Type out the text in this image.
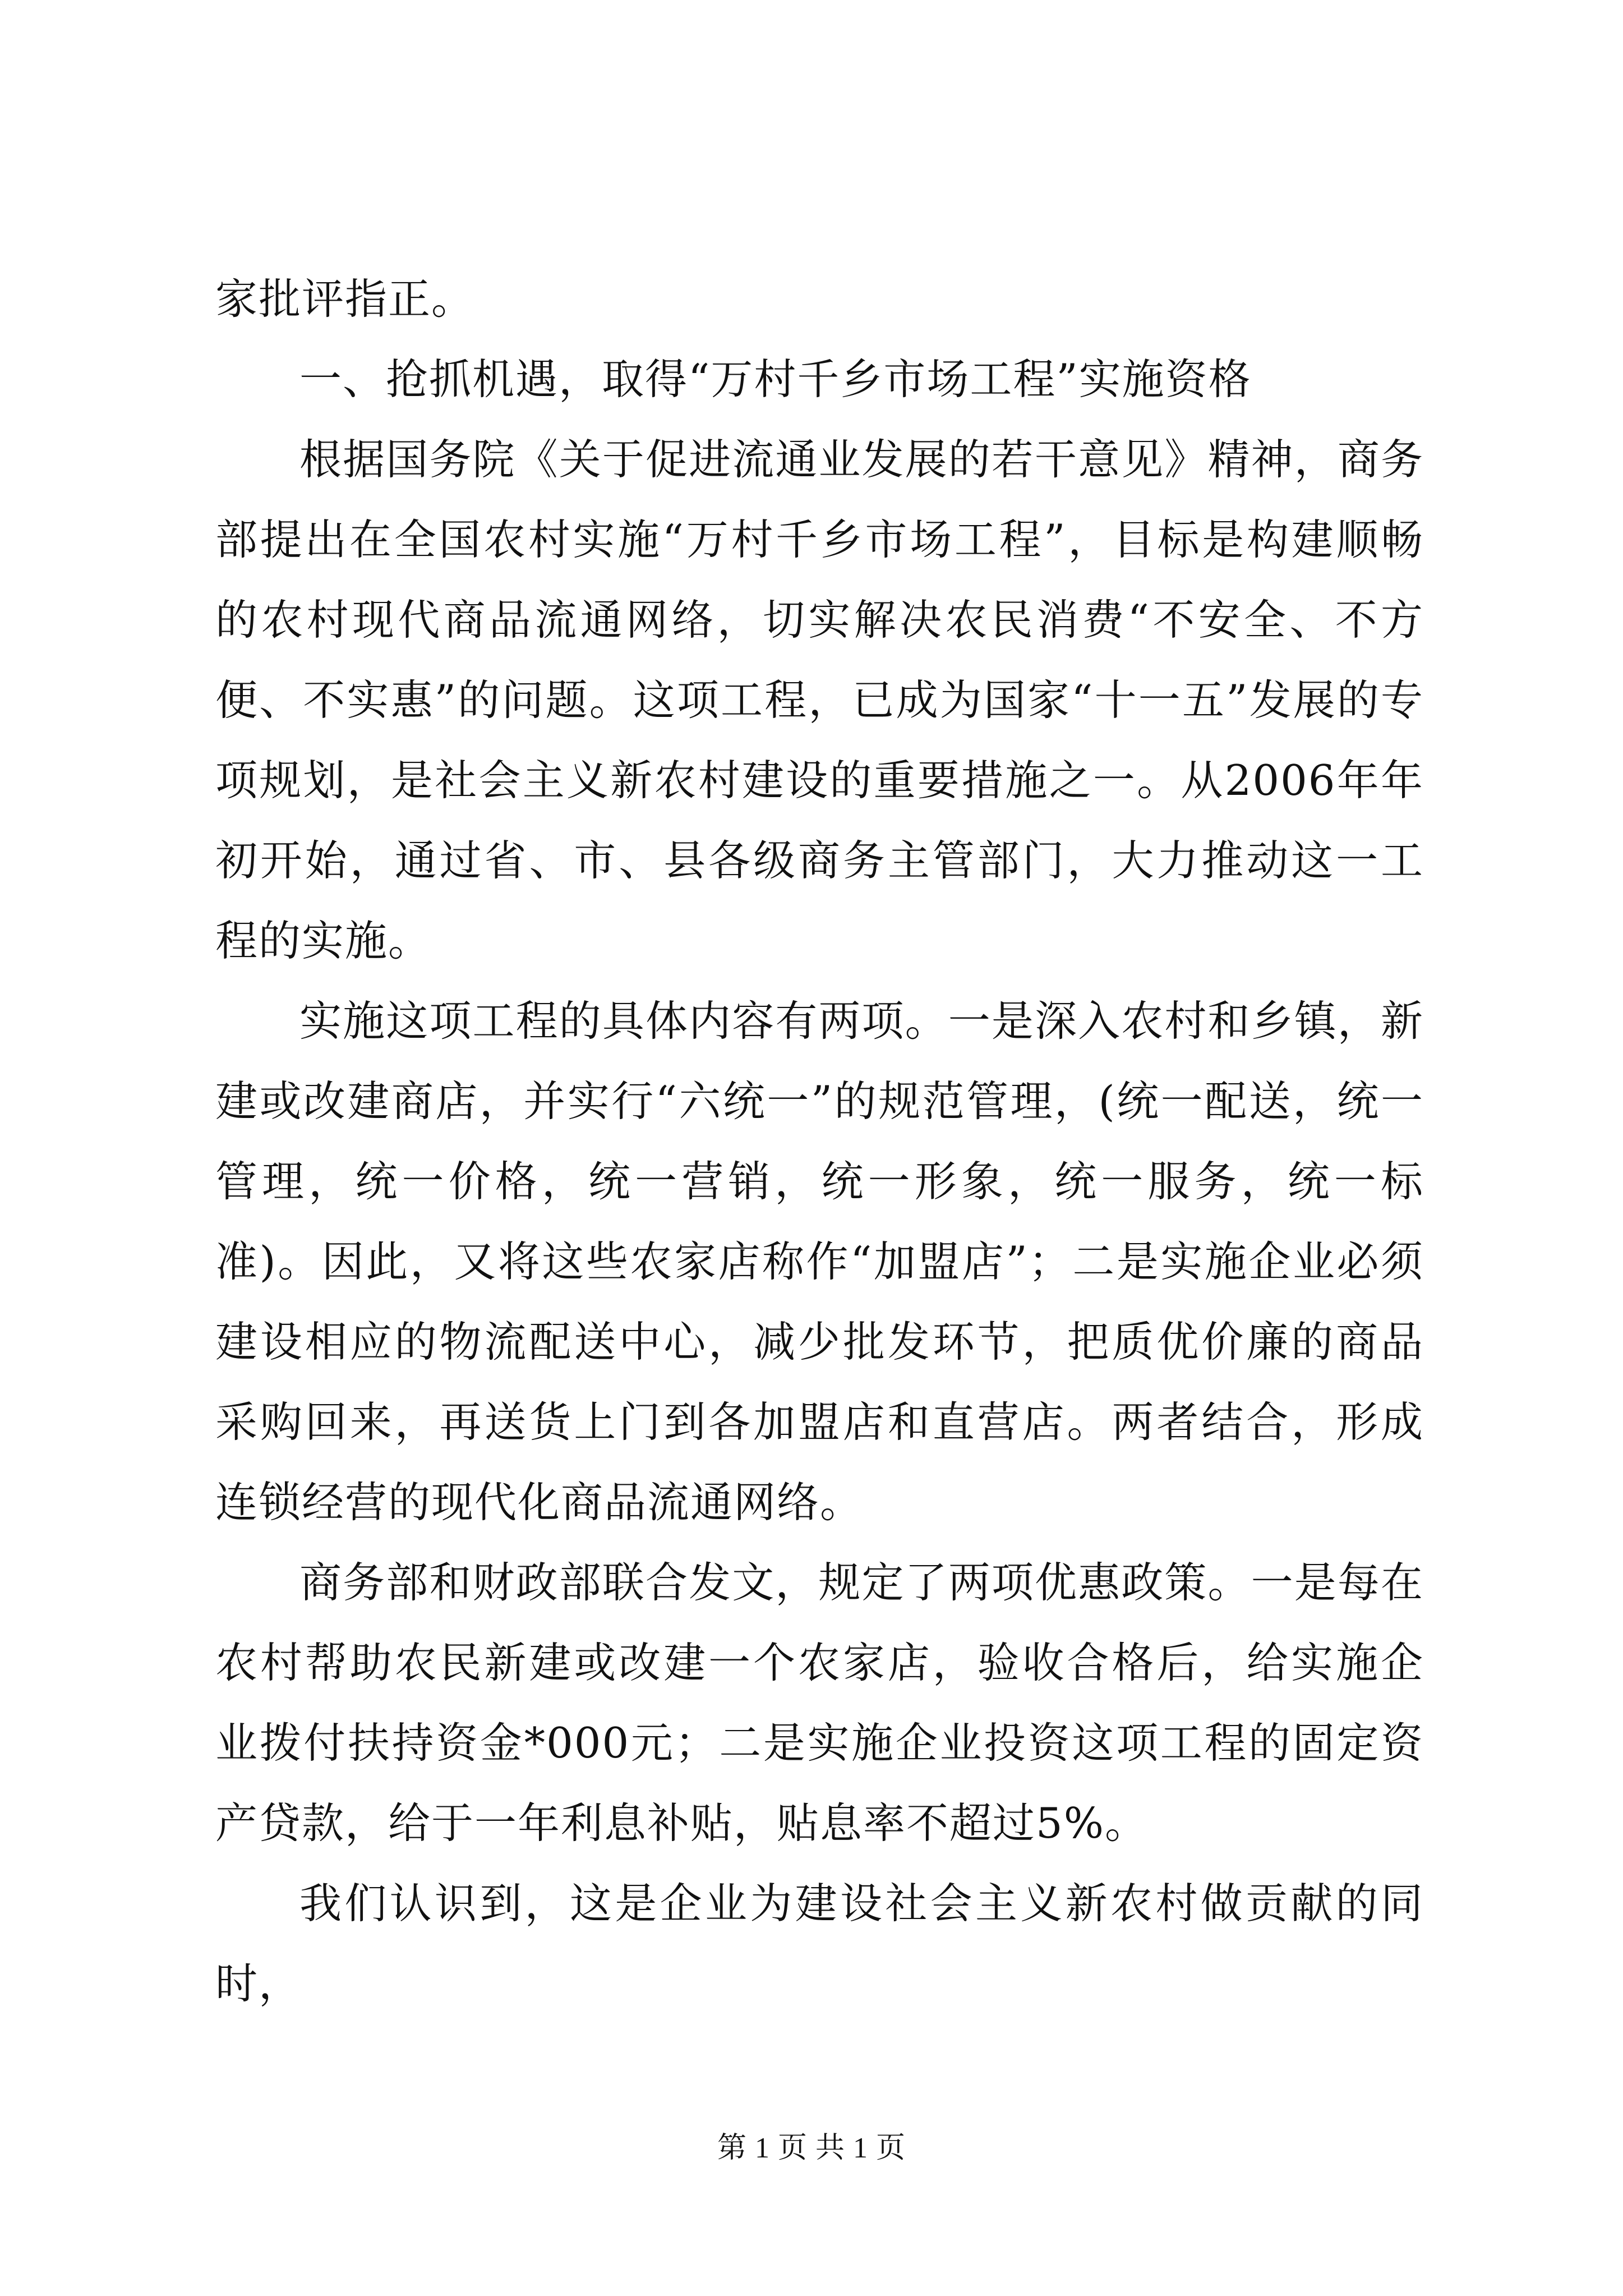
家批评指正。

一、抢抓机遇，取得“万村千乡市场工程”实施资格

根据国务院《关于促进流通业发展的若干意见》精神，商务部提出在全国农村实施“万村千乡市场工程”，目标是构建顺畅的农村现代商品流通网络，切实解决农民消费“不安全、不方便、不实惠”的问题。这项工程，已成为国家“十一五”发展的专项规划，是社会主义新农村建设的重要措施之一。从2006年年初开始，通过省、市、县各级商务主管部门，大力推动这一工程的实施。

实施这项工程的具体内容有两项。一是深入农村和乡镇，新建或改建商店，并实行“六统一”的规范管理，(统一配送，统一管理，统一价格，统一营销，统一形象，统一服务，统一标准)。因此，又将这些农家店称作“加盟店”；二是实施企业必须建设相应的物流配送中心，减少批发环节，把质优价廉的商品采购回来，再送货上门到各加盟店和直营店。两者结合，形成连锁经营的现代化商品流通网络。

商务部和财政部联合发文，规定了两项优惠政策。一是每在农村帮助农民新建或改建一个农家店，验收合格后，给实施企业拨付扶持资金*000元；二是实施企业投资这项工程的固定资产贷款，给于一年利息补贴，贴息率不超过5%。

我们认识到，这是企业为建设社会主义新农村做贡献的同时，

第 1 页 共 1 页
